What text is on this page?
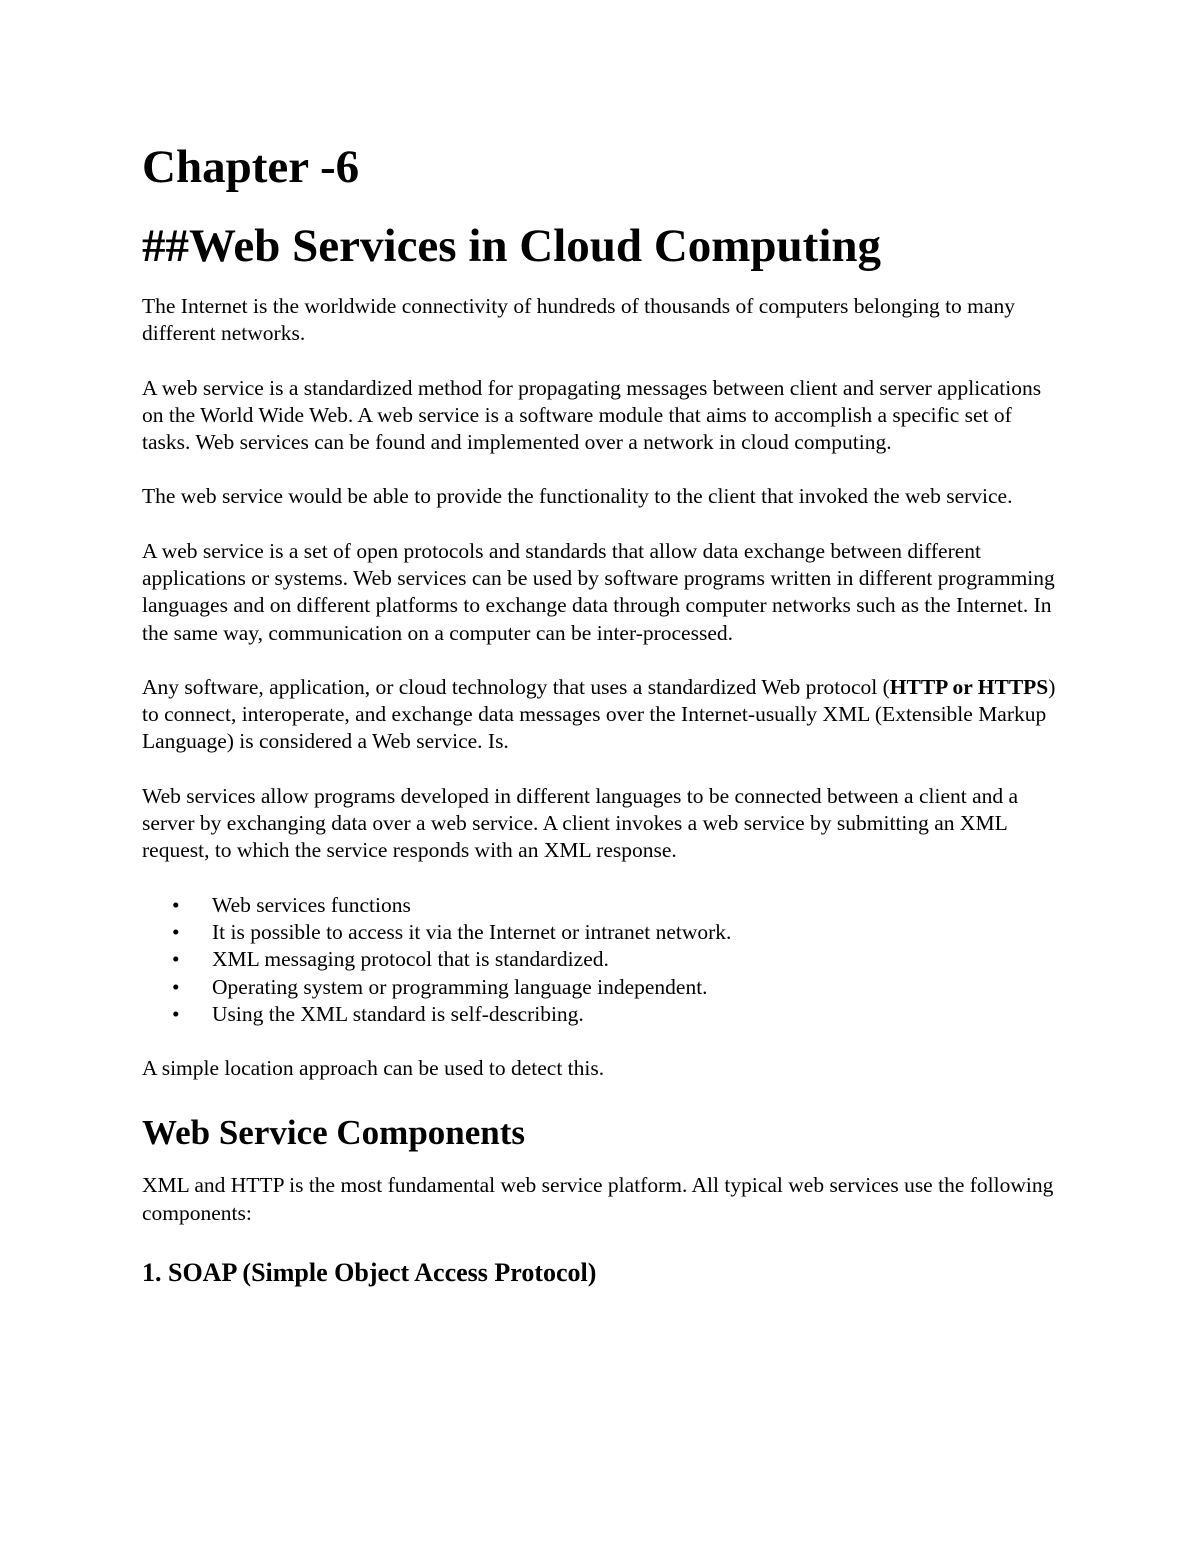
Chapter -6
##Web Services in Cloud Computing

The Internet is the worldwide connectivity of hundreds of thousands of computers belonging to many different networks.

A web service is a standardized method for propagating messages between client and server applications on the World Wide Web. A web service is a software module that aims to accomplish a specific set of tasks. Web services can be found and implemented over a network in cloud computing.

The web service would be able to provide the functionality to the client that invoked the web service.

A web service is a set of open protocols and standards that allow data exchange between different applications or systems. Web services can be used by software programs written in different programming languages and on different platforms to exchange data through computer networks such as the Internet. In the same way, communication on a computer can be inter-processed.

Any software, application, or cloud technology that uses a standardized Web protocol (HTTP or HTTPS) to connect, interoperate, and exchange data messages over the Internet-usually XML (Extensible Markup Language) is considered a Web service. Is.

Web services allow programs developed in different languages to be connected between a client and a server by exchanging data over a web service. A client invokes a web service by submitting an XML request, to which the service responds with an XML response.

• Web services functions
• It is possible to access it via the Internet or intranet network.
• XML messaging protocol that is standardized.
• Operating system or programming language independent.
• Using the XML standard is self-describing.

A simple location approach can be used to detect this.

Web Service Components

XML and HTTP is the most fundamental web service platform. All typical web services use the following components:

1. SOAP (Simple Object Access Protocol)
